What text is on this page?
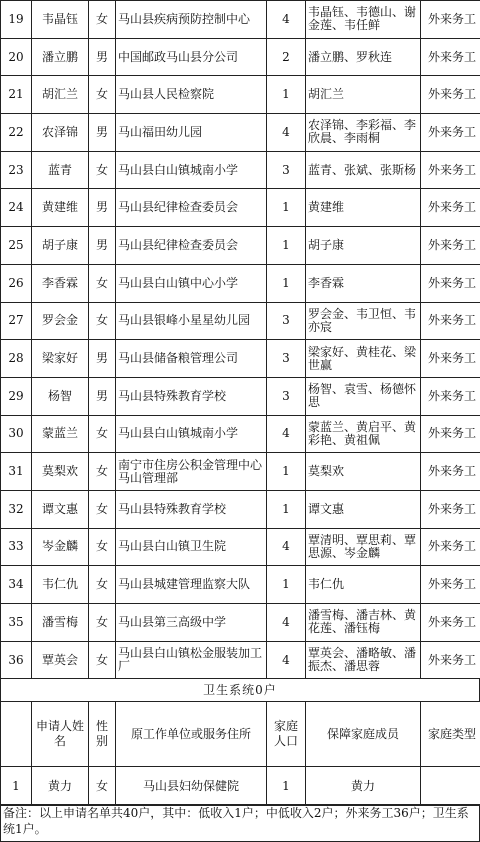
19	韦晶钰	女	马山县疾病预防控制中心	4	韦晶钰、韦德山、谢金莲、韦任鲜	外来务工
20	潘立鹏	男	中国邮政马山县分公司	2	潘立鹏、罗秋连	外来务工
21	胡汇兰	女	马山县人民检察院	1	胡汇兰	外来务工
22	农泽锦	男	马山福田幼儿园	4	农泽锦、李彩福、李欣晨、李雨桐	外来务工
23	蓝青	女	马山县白山镇城南小学	3	蓝青、张斌、张斯杨	外来务工
24	黄建维	男	马山县纪律检查委员会	1	黄建维	外来务工
25	胡子康	男	马山县纪律检查委员会	1	胡子康	外来务工
26	李香霖	女	马山县白山镇中心小学	1	李香霖	外来务工
27	罗会金	女	马山县银峰小星星幼儿园	3	罗会金、韦卫恒、韦亦宸	外来务工
28	梁家好	男	马山县储备粮管理公司	3	梁家好、黄桂花、梁世赢	外来务工
29	杨智	男	马山县特殊教育学校	3	杨智、袁雪、杨德怀思	外来务工
30	蒙蓝兰	女	马山县白山镇城南小学	4	蒙蓝兰、黄启平、黄彩艳、黄祖佩	外来务工
31	莫梨欢	女	南宁市住房公积金管理中心马山管理部	1	莫梨欢	外来务工
32	谭文惠	女	马山县特殊教育学校	1	谭文惠	外来务工
33	岑金麟	女	马山县白山镇卫生院	4	覃清明、覃思莉、覃思源、岑金麟	外来务工
34	韦仁仇	女	马山县城建管理监察大队	1	韦仁仇	外来务工
35	潘雪梅	女	马山县第三高级中学	4	潘雪梅、潘吉林、黄花莲、潘钰梅	外来务工
36	覃英会	女	马山县白山镇松金服装加工厂	4	覃英会、潘略敏、潘振杰、潘思蓉	外来务工
卫生系统0户
	申请人姓名	性别	原工作单位或服务住所	家庭人口	保障家庭成员	家庭类型
1	黄力	女	马山县妇幼保健院	1	黄力	
备注：以上申请名单共40户，其中：低收入1户；中低收入2户；外来务工36户；卫生系统1户。
